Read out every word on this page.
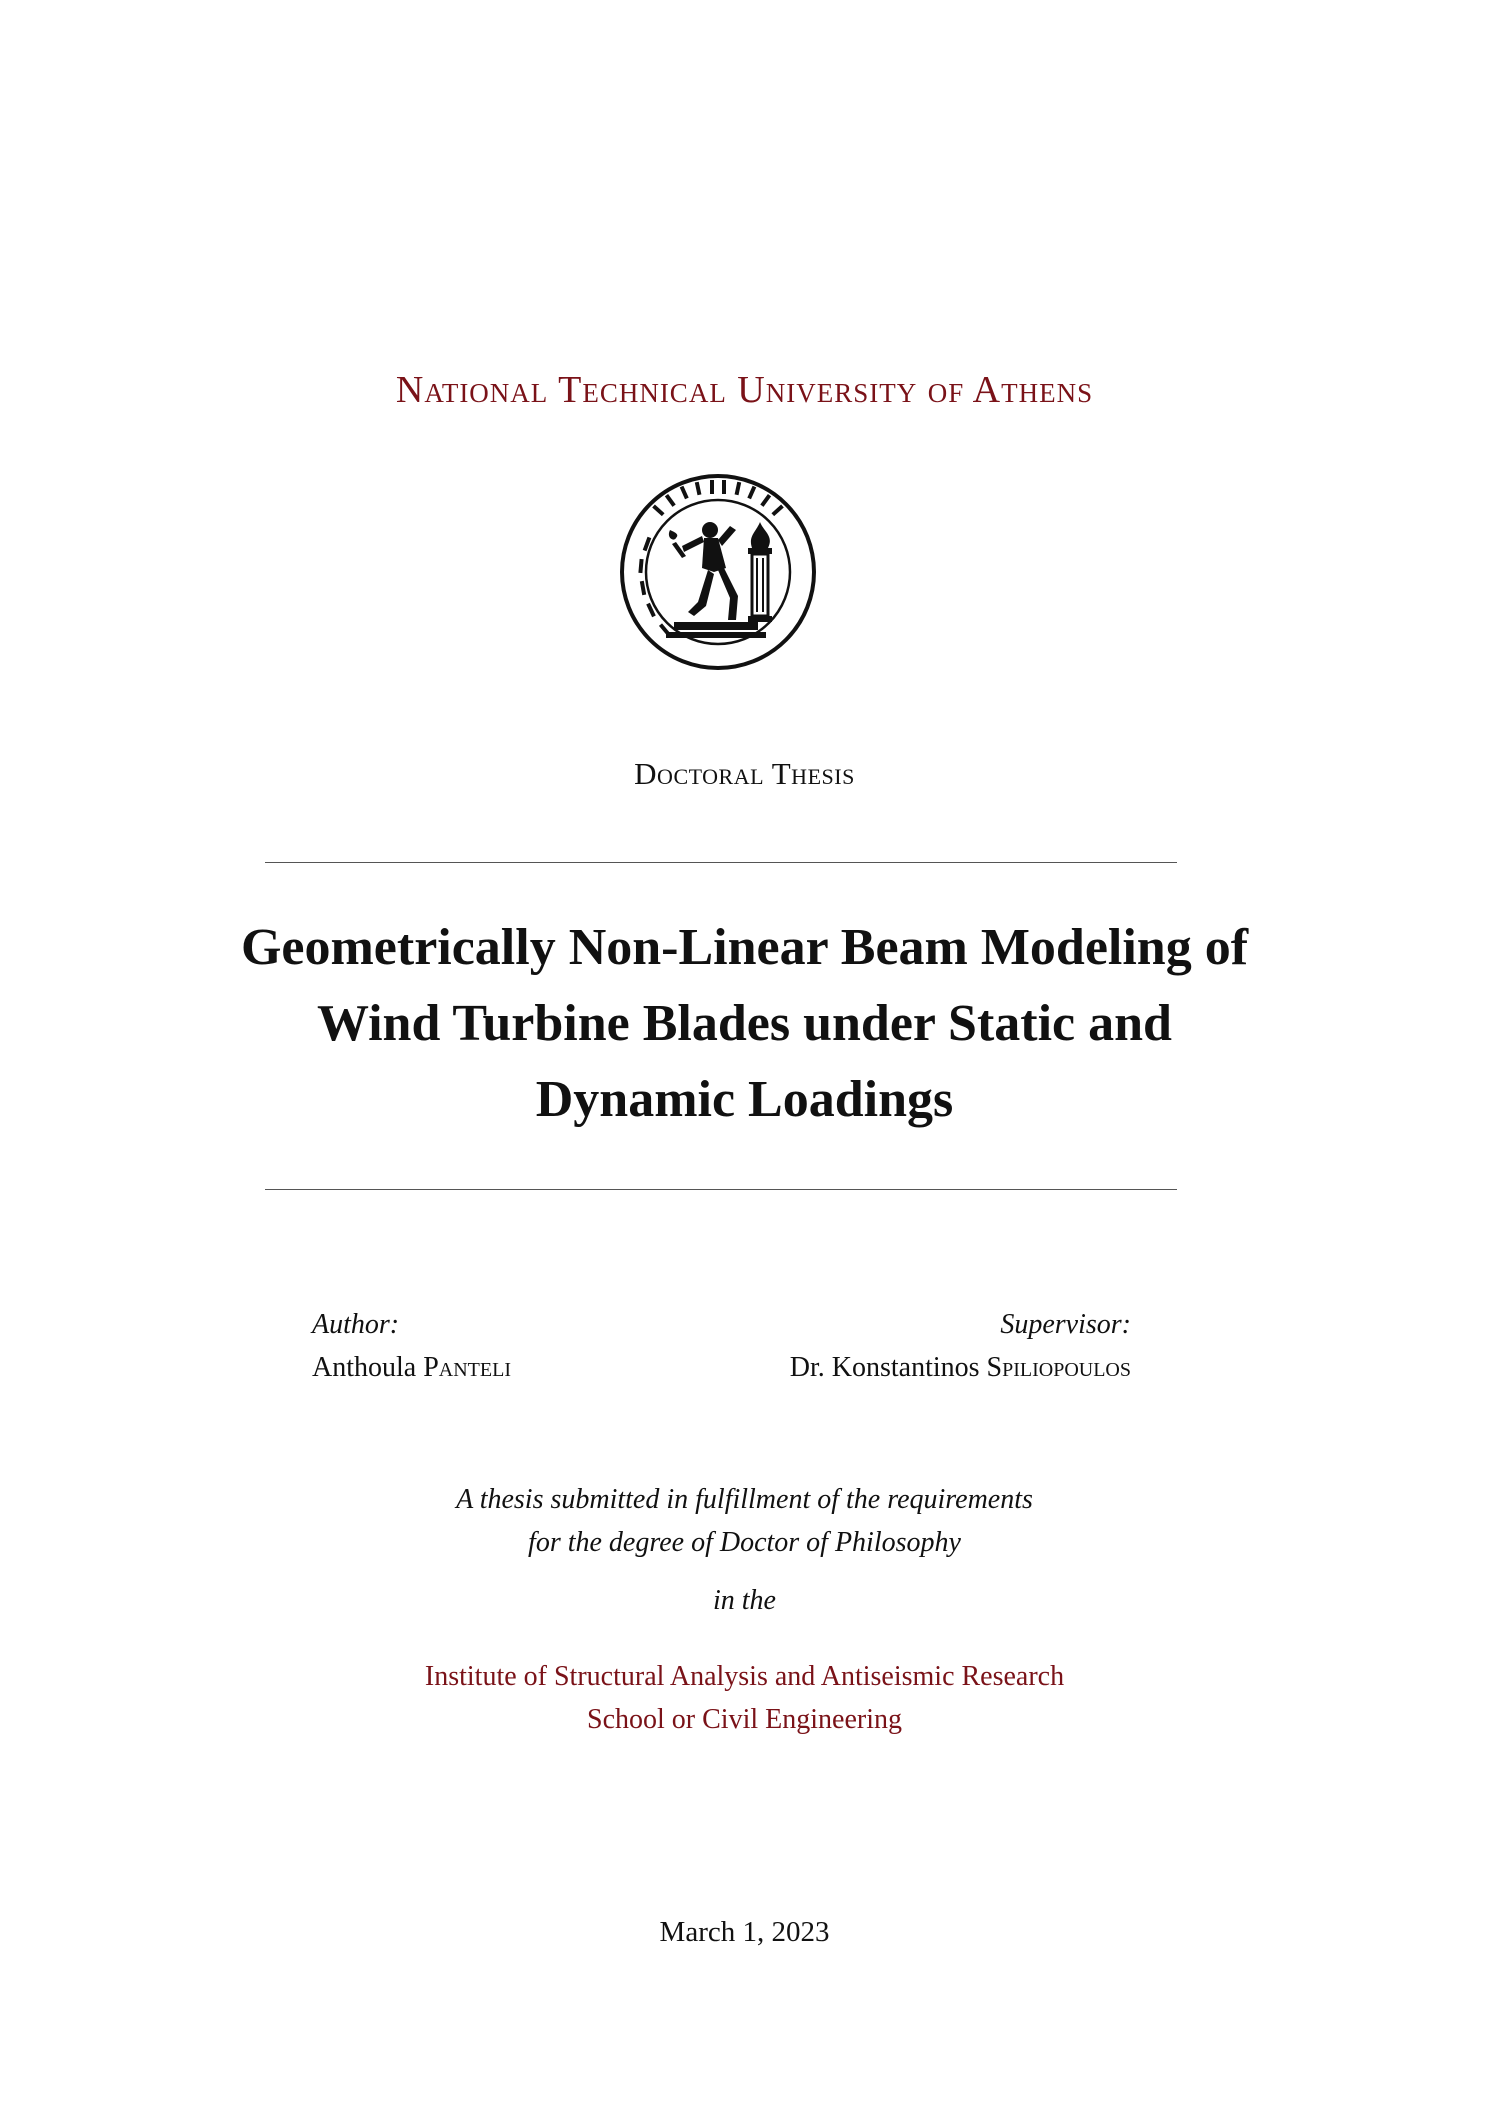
National Technical University of Athens
Doctoral Thesis
Geometrically Non-Linear Beam Modeling of
Wind Turbine Blades under Static and
Dynamic Loadings
Author:
Anthoula Panteli
Supervisor:
Dr. Konstantinos Spiliopoulos
A thesis submitted in fulfillment of the requirements
for the degree of Doctor of Philosophy
in the
Institute of Structural Analysis and Antiseismic Research
School or Civil Engineering
March 1, 2023
